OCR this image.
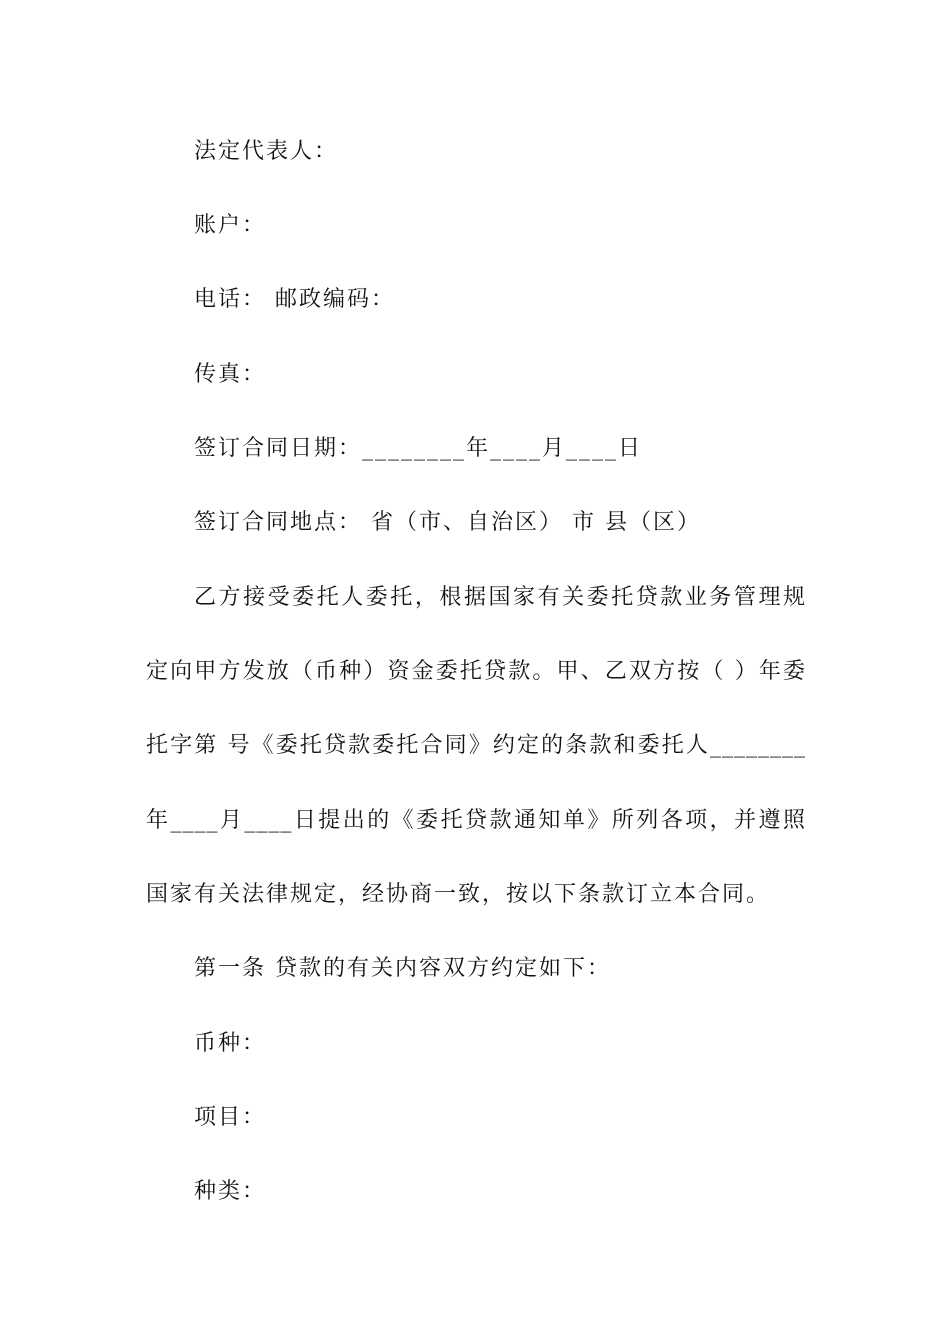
法定代表人：
账户：
电话： 邮政编码：
传真：
签订合同日期：________年____月____日
签订合同地点： 省（市、自治区） 市 县（区）
乙方接受委托人委托，根据国家有关委托贷款业务管理规
定向甲方发放（币种）资金委托贷款。甲、乙双方按（ ）年委
托字第 号《委托贷款委托合同》约定的条款和委托人________
年____月____日提出的《委托贷款通知单》所列各项，并遵照
国家有关法律规定，经协商一致，按以下条款订立本合同。
第一条 贷款的有关内容双方约定如下：
币种：
项目：
种类：
